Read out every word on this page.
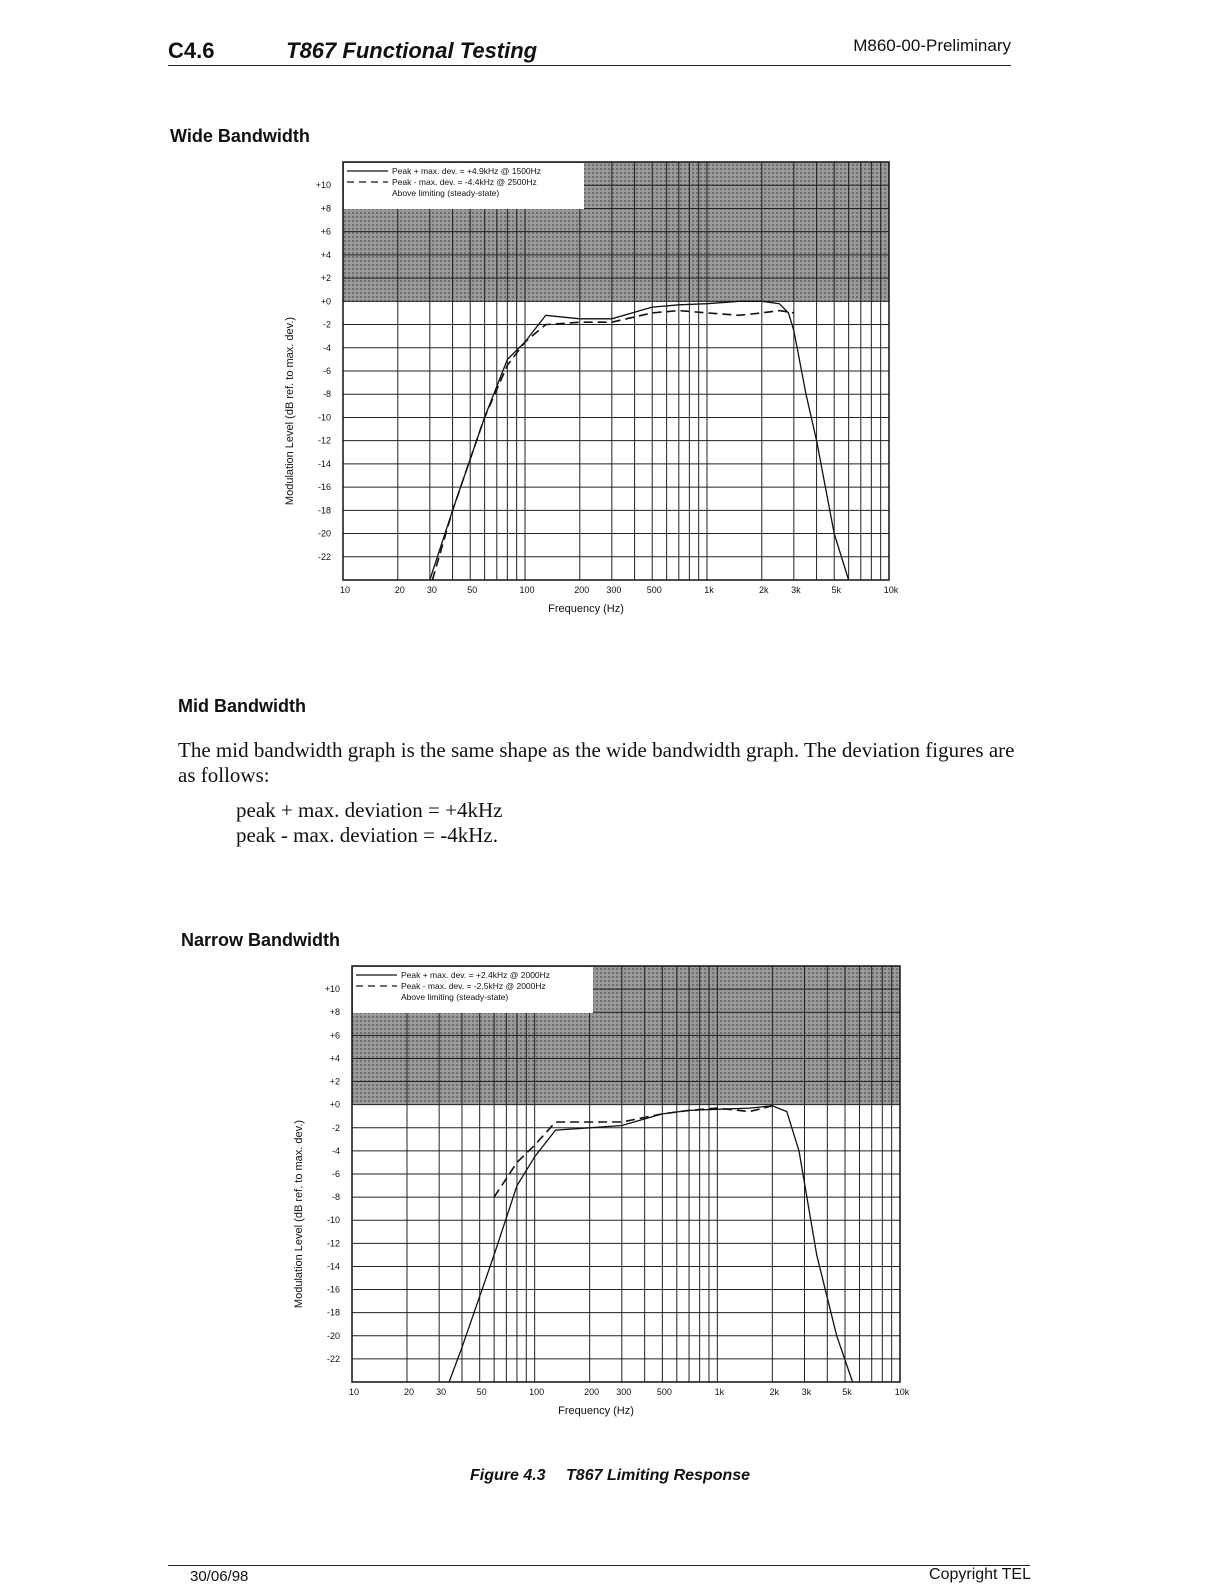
C4.6	T867 Functional Testing	M860-00-Preliminary
Wide Bandwidth
+10
+8
+6
+4
+2
+0
-2
-4
-6
-8
-10
-12
-14
-16
-18
-20
-22
10	20 30	50	100	200 300	500	1k	2k	3k	5k	10k
Frequency (Hz)
Modulation Level (dB ref. to max. dev.)
Peak + max. dev. = +4.9kHz @ 1500Hz
Peak - max. dev. = -4.4kHz @ 2500Hz
Above limiting (steady-state)
Mid Bandwidth
The mid bandwidth graph is the same shape as the wide bandwidth graph. The deviation figures are as follows:
peak + max. deviation = +4kHz
peak - max. deviation = -4kHz.
Narrow Bandwidth
+10
+8
+6
+4
+2
+0
-2
-4
-6
-8
-10
-12
-14
-16
-18
-20
-22
10	20 30	50	100	200 300	500	1k	2k	3k	5k	10k
Frequency (Hz)
Modulation Level (dB ref. to max. dev.)
Peak + max. dev. = +2.4kHz @ 2000Hz
Peak - max. dev. = -2.5kHz @ 2000Hz
Above limiting (steady-state)
Figure 4.3 T867 Limiting Response
30/06/98	Copyright TEL
